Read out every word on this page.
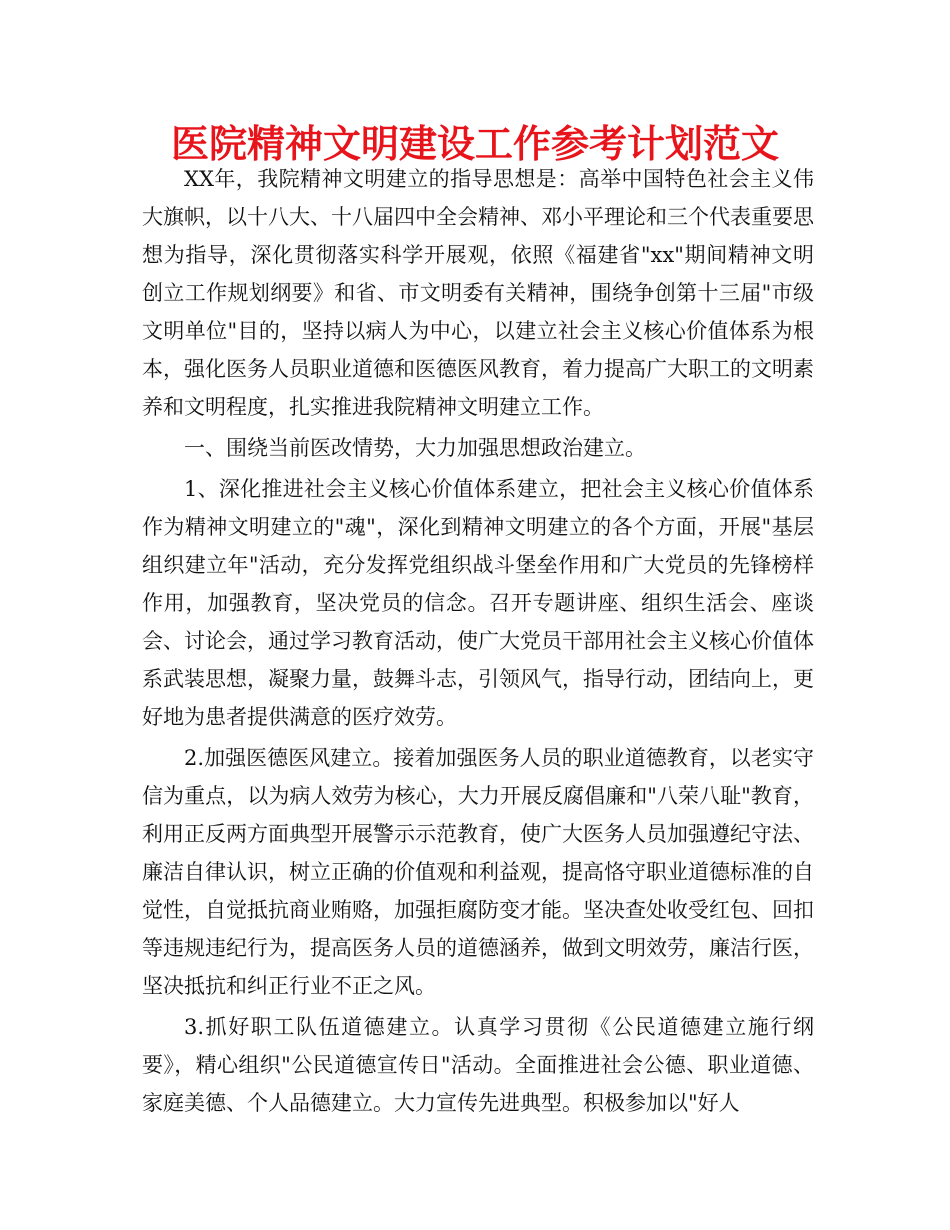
医院精神文明建设工作参考计划范文

XX年，我院精神文明建立的指导思想是：高举中国特色社会主义伟大旗帜，以十八大、十八届四中全会精神、邓小平理论和三个代表重要思想为指导，深化贯彻落实科学开展观，依照《福建省"xx"期间精神文明创立工作规划纲要》和省、市文明委有关精神，围绕争创第十三届"市级文明单位"目的，坚持以病人为中心，以建立社会主义核心价值体系为根本，强化医务人员职业道德和医德医风教育，着力提高广大职工的文明素养和文明程度，扎实推进我院精神文明建立工作。

一、围绕当前医改情势，大力加强思想政治建立。

1、深化推进社会主义核心价值体系建立，把社会主义核心价值体系作为精神文明建立的"魂"，深化到精神文明建立的各个方面，开展"基层组织建立年"活动，充分发挥党组织战斗堡垒作用和广大党员的先锋榜样作用，加强教育，坚决党员的信念。召开专题讲座、组织生活会、座谈会、讨论会，通过学习教育活动，使广大党员干部用社会主义核心价值体系武装思想，凝聚力量，鼓舞斗志，引领风气，指导行动，团结向上，更好地为患者提供满意的医疗效劳。

2.加强医德医风建立。接着加强医务人员的职业道德教育，以老实守信为重点，以为病人效劳为核心，大力开展反腐倡廉和"八荣八耻"教育，利用正反两方面典型开展警示示范教育，使广大医务人员加强遵纪守法、廉洁自律认识，树立正确的价值观和利益观，提高恪守职业道德标准的自觉性，自觉抵抗商业贿赂，加强拒腐防变才能。坚决查处收受红包、回扣等违规违纪行为，提高医务人员的道德涵养，做到文明效劳，廉洁行医，坚决抵抗和纠正行业不正之风。

3.抓好职工队伍道德建立。认真学习贯彻《公民道德建立施行纲要》，精心组织"公民道德宣传日"活动。全面推进社会公德、职业道德、家庭美德、个人品德建立。大力宣传先进典型。积极参加以"好人
